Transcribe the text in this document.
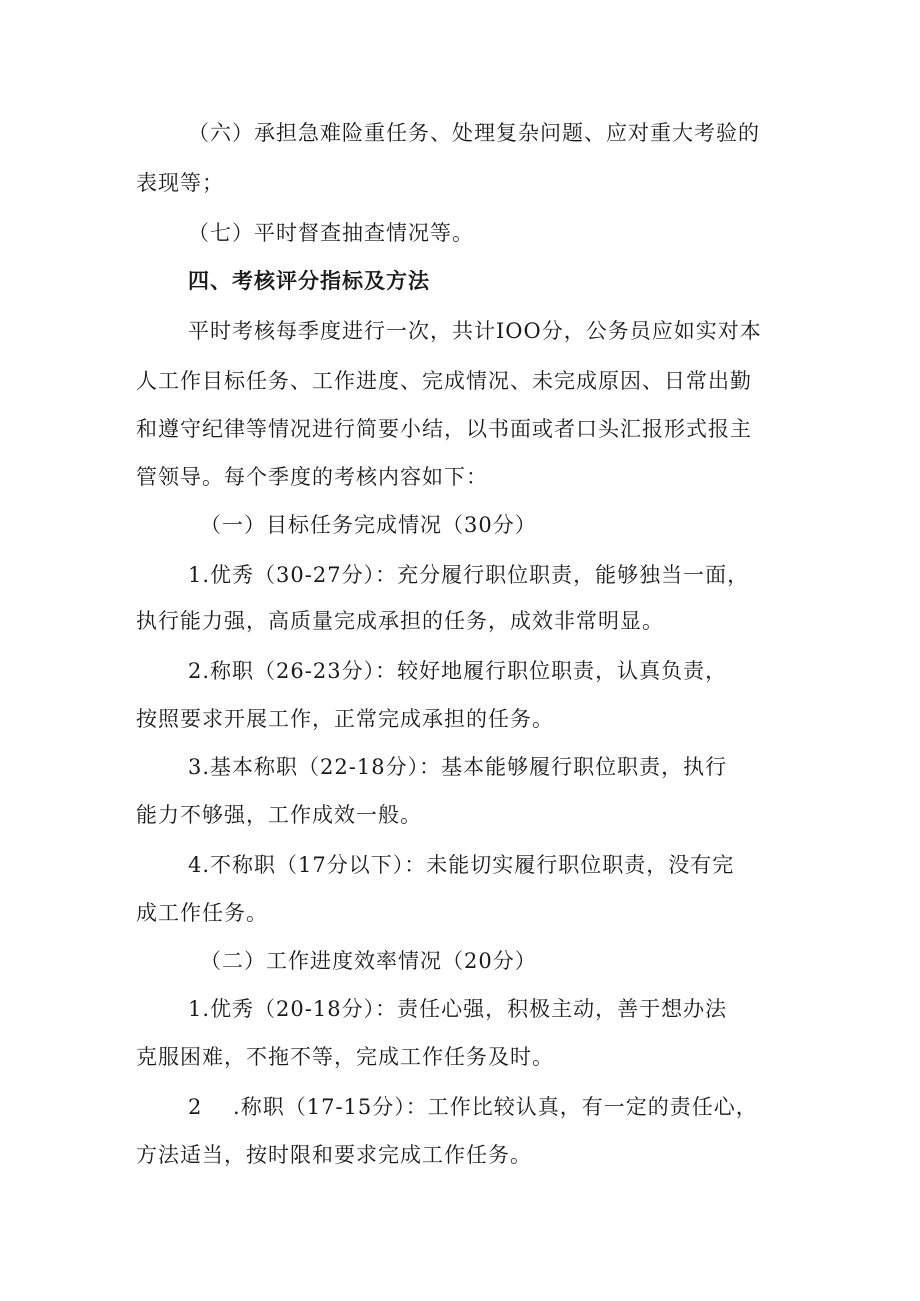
（六）承担急难险重任务、处理复杂问题、应对重大考验的
表现等；
（七）平时督查抽查情况等。
四、考核评分指标及方法
平时考核每季度进行一次，共计IOO分，公务员应如实对本
人工作目标任务、工作进度、完成情况、未完成原因、日常出勤
和遵守纪律等情况进行简要小结，以书面或者口头汇报形式报主
管领导。每个季度的考核内容如下：
（一）目标任务完成情况（30分）
1.优秀（30-27分）：充分履行职位职责，能够独当一面，
执行能力强，高质量完成承担的任务，成效非常明显。
2.称职（26-23分）：较好地履行职位职责，认真负责，
按照要求开展工作，正常完成承担的任务。
3.基本称职（22-18分）：基本能够履行职位职责，执行
能力不够强，工作成效一般。
4.不称职（17分以下）：未能切实履行职位职责，没有完
成工作任务。
（二）工作进度效率情况（20分）
1.优秀（20-18分）：责任心强，积极主动，善于想办法
克服困难，不拖不等，完成工作任务及时。
2    .称职（17-15分）：工作比较认真，有一定的责任心，
方法适当，按时限和要求完成工作任务。
